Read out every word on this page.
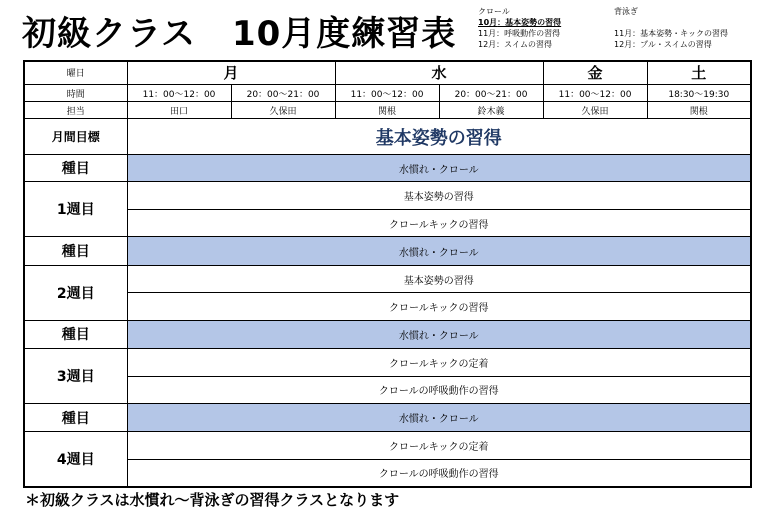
初級クラス 10月度練習表
クロール
10月：基本姿勢の習得
11月：呼吸動作の習得
12月：スイムの習得
背泳ぎ
11月：基本姿勢・キックの習得
12月：プル・スイムの習得
曜日	月		水		金	土
時間	11：00～12：00	20：00～21：00	11：00～12：00	20：00～21：00	11：00～12：00	18:30～19:30
担当	田口	久保田	関根	鈴木義	久保田	関根
月間目標	基本姿勢の習得					
種目	水慣れ・クロール					
1週目	基本姿勢の習得					
	クロールキックの習得					
種目	水慣れ・クロール					
2週目	基本姿勢の習得					
	クロールキックの習得					
種目	水慣れ・クロール					
3週目	クロールキックの定着					
	クロールの呼吸動作の習得					
種目	水慣れ・クロール					
4週目	クロールキックの定着					
	クロールの呼吸動作の習得					
＊初級クラスは水慣れ～背泳ぎの習得クラスとなります
